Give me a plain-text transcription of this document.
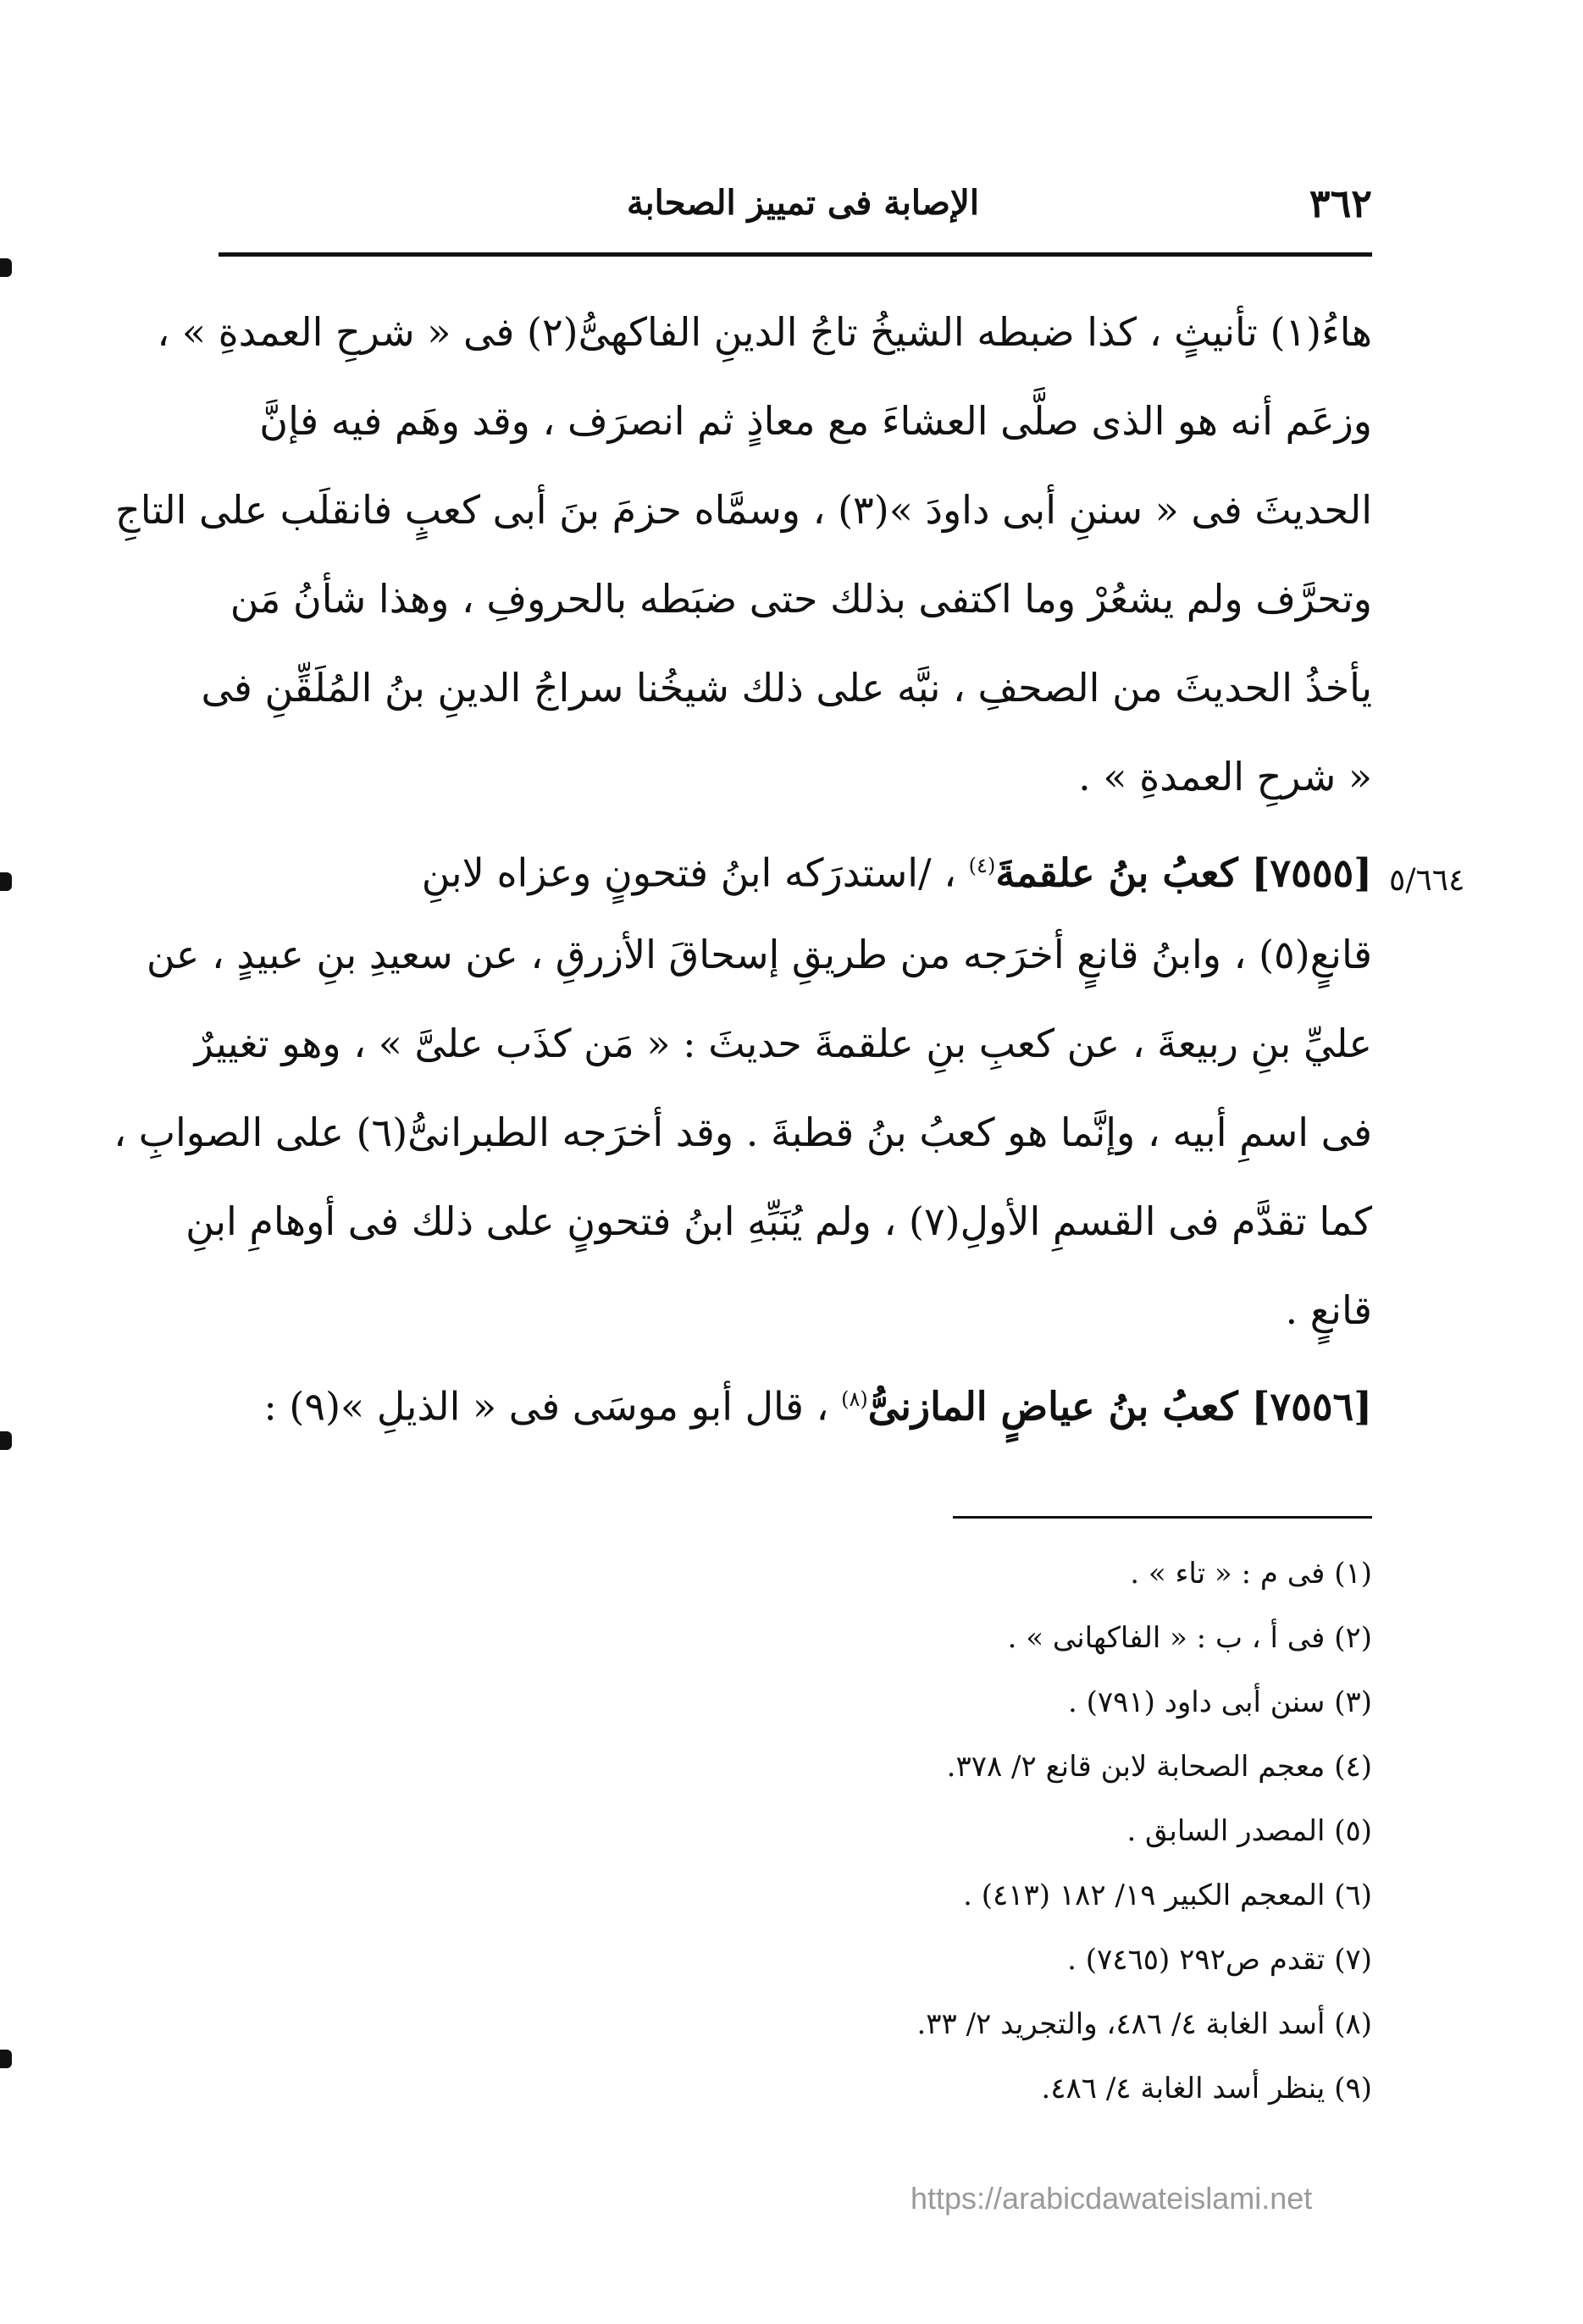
٣٦٢
الإصابة فى تمييز الصحابة
هاءُ(١) تأنيثٍ ، كذا ضبطه الشيخُ تاجُ الدينِ الفاكهىُّ(٢) فى « شرحِ العمدةِ » ،
وزعَم أنه هو الذى صلَّى العشاءَ مع معاذٍ ثم انصرَف ، وقد وهَم فيه فإنَّ
الحديثَ فى « سننِ أبى داودَ »(٣) ، وسمَّاه حزمَ بنَ أبى كعبٍ فانقلَب على التاجِ
وتحرَّف ولم يشعُرْ وما اكتفى بذلك حتى ضبَطه بالحروفِ ، وهذا شأنُ مَن
يأخذُ الحديثَ من الصحفِ ، نبَّه على ذلك شيخُنا سراجُ الدينِ بنُ المُلَقِّنِ فى
« شرحِ العمدةِ » .
[٧٥٥٥] كعبُ بنُ علقمةَ$^{(٤)}$ ، /استدرَكه ابنُ فتحونٍ وعزاه لابنِ
قانعٍ(٥) ، وابنُ قانعٍ أخرَجه من طريقِ إسحاقَ الأزرقِ ، عن سعيدِ بنِ عبيدٍ ، عن
عليِّ بنِ ربيعةَ ، عن كعبِ بنِ علقمةَ حديثَ : « مَن كذَب علىَّ » ، وهو تغييرٌ
فى اسمِ أبيه ، وإنَّما هو كعبُ بنُ قطبةَ . وقد أخرَجه الطبرانىُّ(٦) على الصوابِ ،
كما تقدَّم فى القسمِ الأولِ(٧) ، ولم يُنَبِّهِ ابنُ فتحونٍ على ذلك فى أوهامِ ابنِ
قانعٍ .
[٧٥٥٦] كعبُ بنُ عياضٍ المازنىُّ$^{(٨)}$ ، قال أبو موسَى فى « الذيلِ »(٩) :
٥/٦٦٤
(١) فى م : « تاء » .
(٢) فى أ ، ب : « الفاكهانى » .
(٣) سنن أبى داود (٧٩١) .
(٤) معجم الصحابة لابن قانع ٢/ ٣٧٨.
(٥) المصدر السابق .
(٦) المعجم الكبير ١٩/ ١٨٢ (٤١٣) .
(٧) تقدم ص٢٩٢ (٧٤٦٥) .
(٨) أسد الغابة ٤/ ٤٨٦، والتجريد ٢/ ٣٣.
(٩) ينظر أسد الغابة ٤/ ٤٨٦.
https://arabicdawateislami.net
